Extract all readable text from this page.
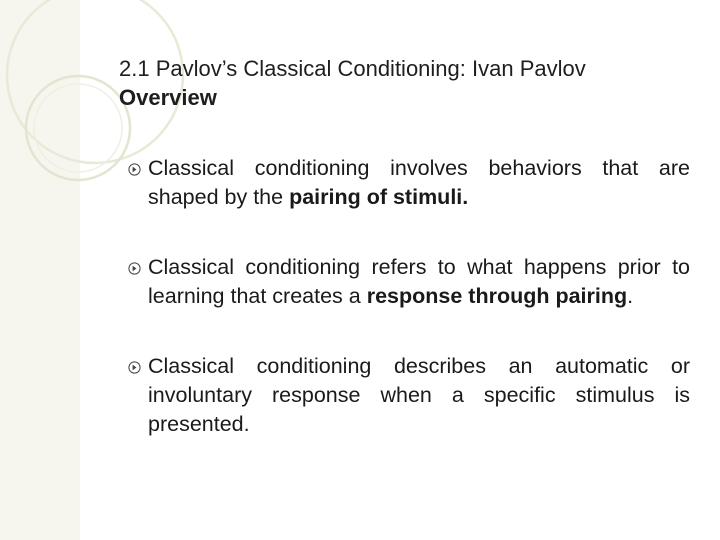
2.1 Pavlov’s Classical Conditioning: Ivan Pavlov
Overview
Classical conditioning involves behaviors that are shaped by the pairing of stimuli.
Classical conditioning refers to what happens prior to learning that creates a response through pairing.
Classical conditioning describes an automatic or involuntary response when a specific stimulus is presented.
